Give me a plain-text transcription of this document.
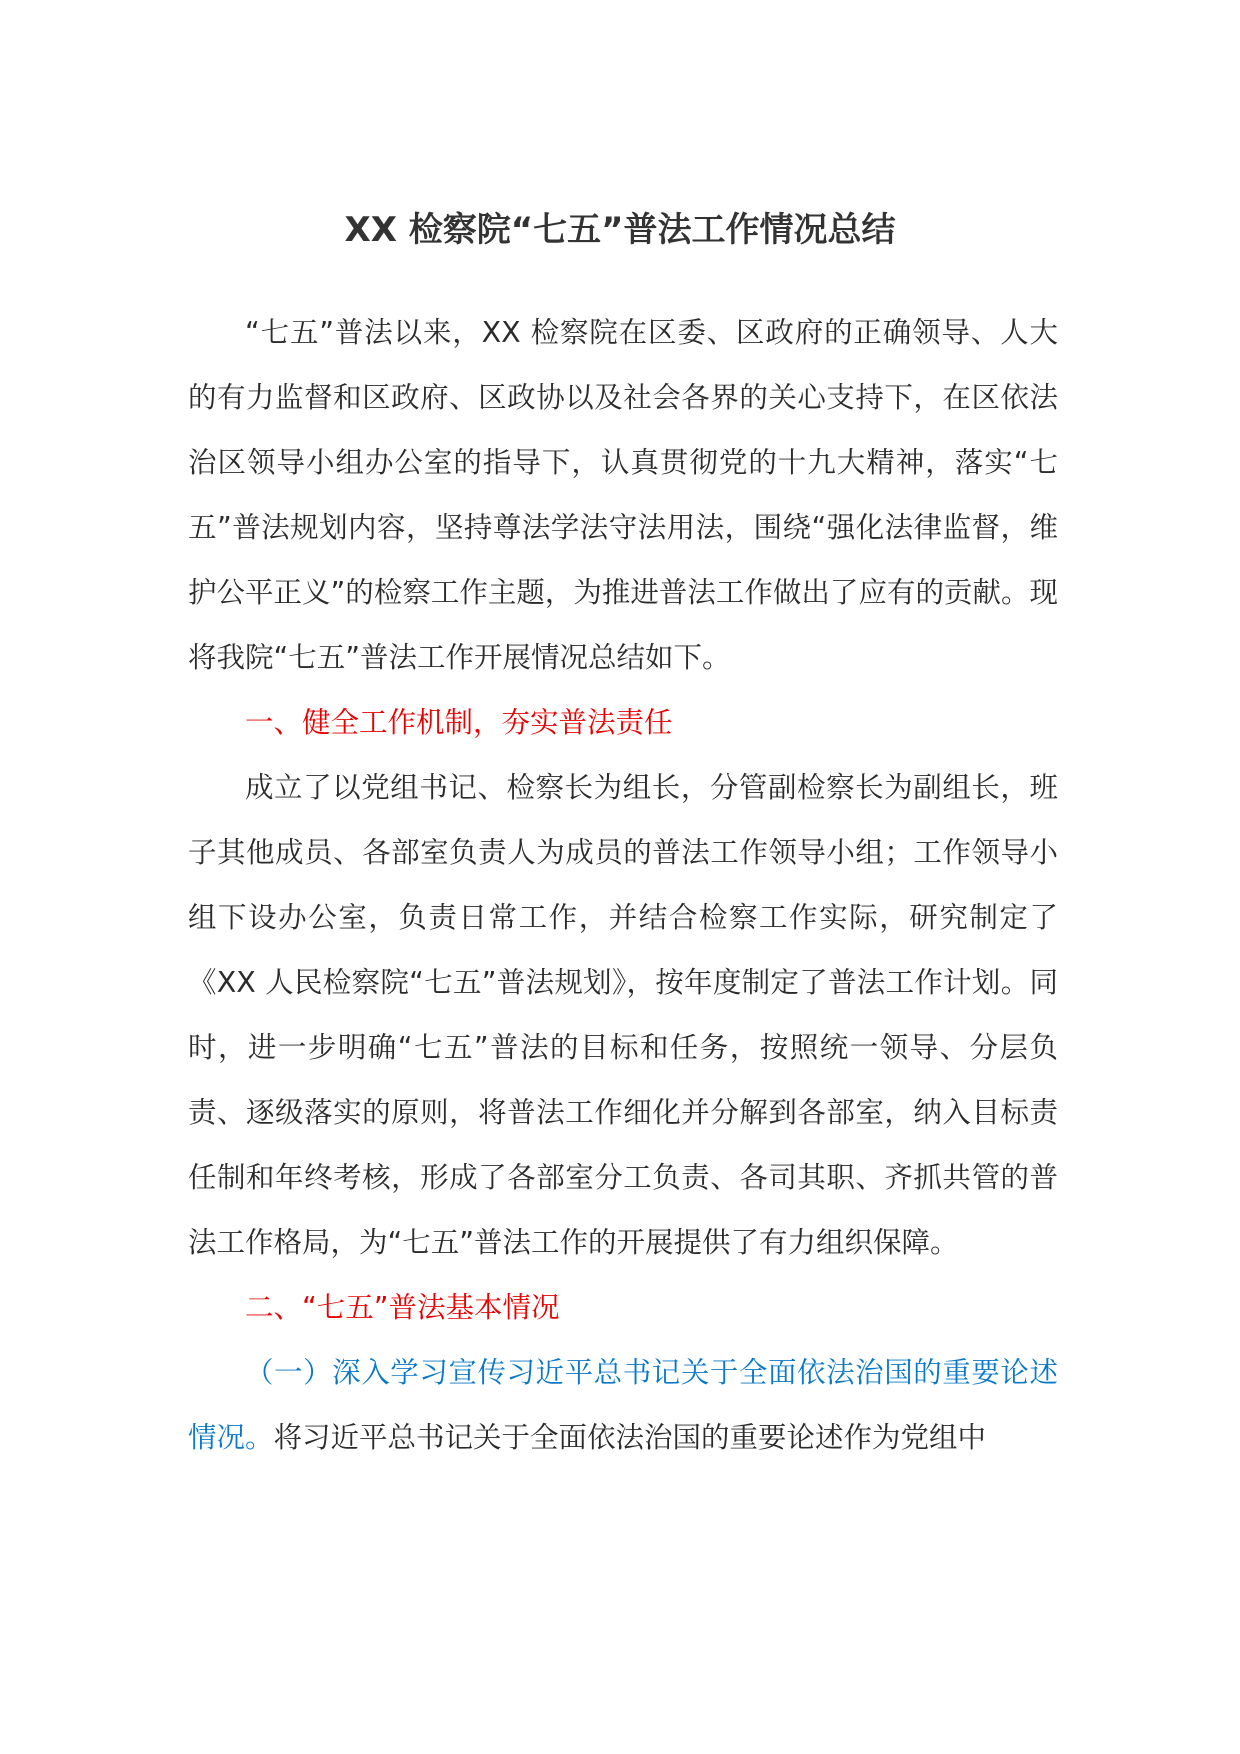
XX 检察院“七五”普法工作情况总结

“七五”普法以来，XX 检察院在区委、区政府的正确领导、人大的有力监督和区政府、区政协以及社会各界的关心支持下，在区依法治区领导小组办公室的指导下，认真贯彻党的十九大精神，落实“七五”普法规划内容，坚持尊法学法守法用法，围绕“强化法律监督，维护公平正义”的检察工作主题，为推进普法工作做出了应有的贡献。现将我院“七五”普法工作开展情况总结如下。

一、健全工作机制，夯实普法责任

成立了以党组书记、检察长为组长，分管副检察长为副组长，班子其他成员、各部室负责人为成员的普法工作领导小组；工作领导小组下设办公室，负责日常工作，并结合检察工作实际，研究制定了《XX 人民检察院“七五”普法规划》，按年度制定了普法工作计划。同时，进一步明确“七五”普法的目标和任务，按照统一领导、分层负责、逐级落实的原则，将普法工作细化并分解到各部室，纳入目标责任制和年终考核，形成了各部室分工负责、各司其职、齐抓共管的普法工作格局，为“七五”普法工作的开展提供了有力组织保障。

二、“七五”普法基本情况

（一）深入学习宣传习近平总书记关于全面依法治国的重要论述情况。将习近平总书记关于全面依法治国的重要论述作为党组中
